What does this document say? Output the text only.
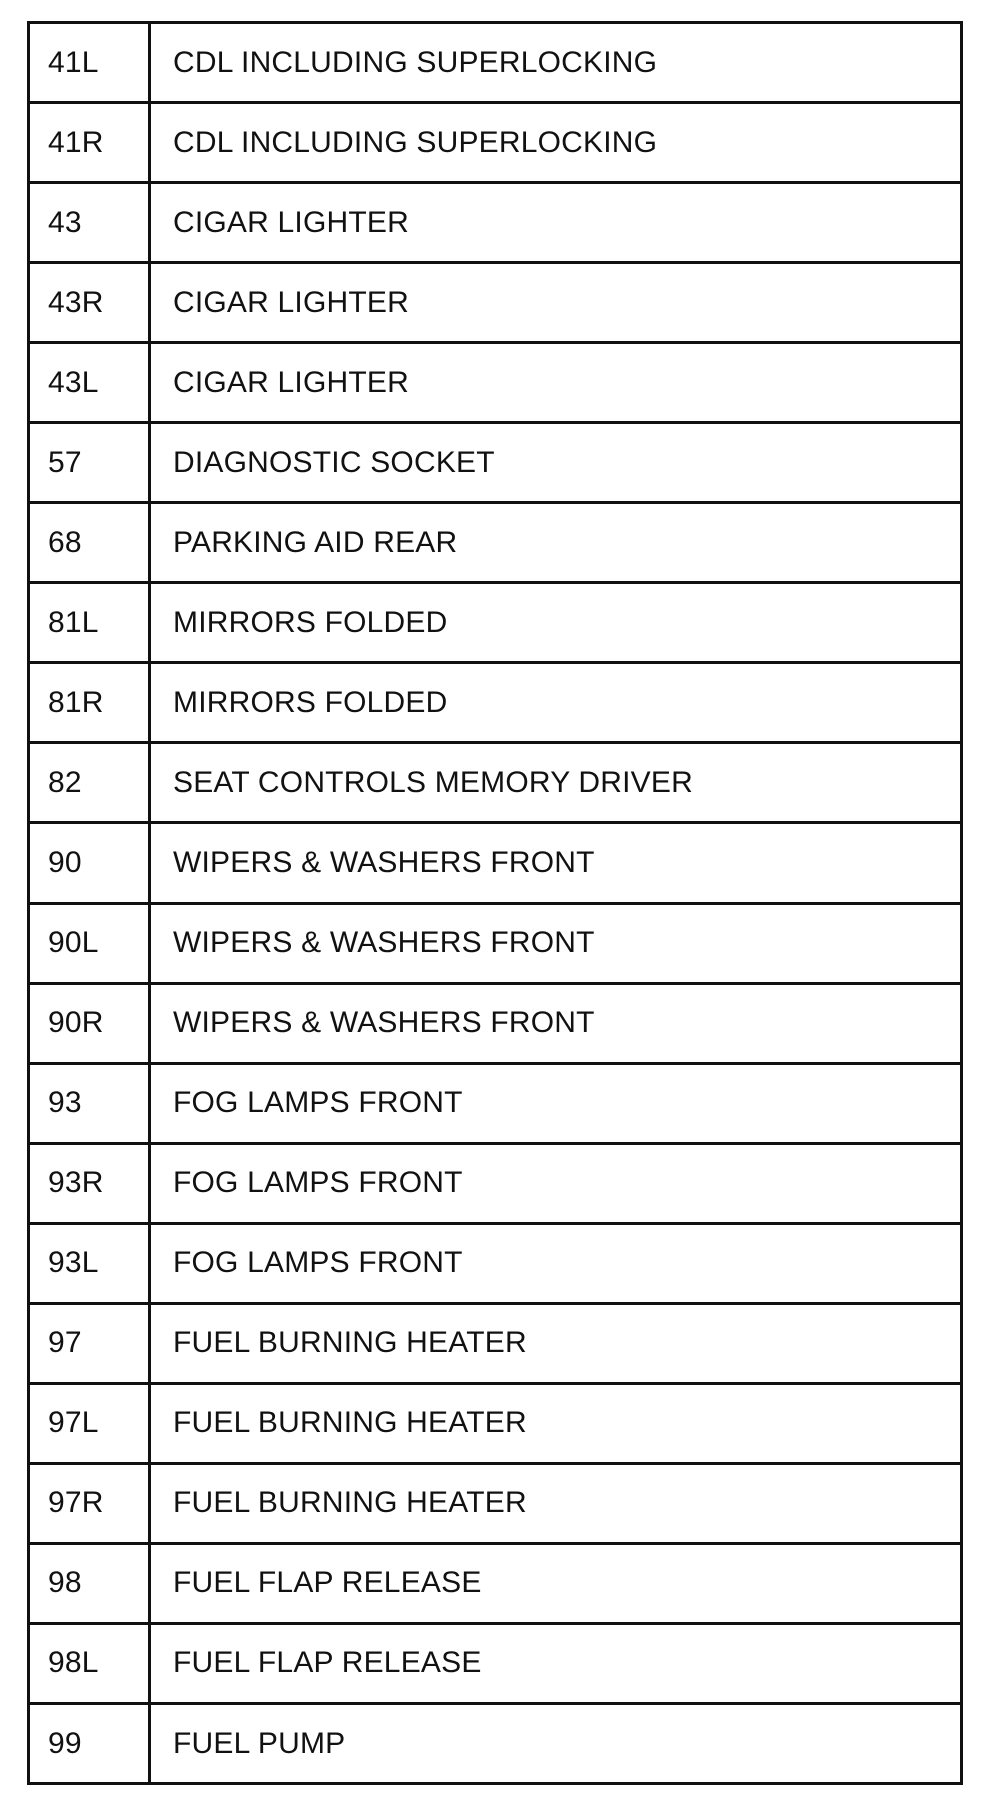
41L	CDL INCLUDING SUPERLOCKING
41R	CDL INCLUDING SUPERLOCKING
43	CIGAR LIGHTER
43R	CIGAR LIGHTER
43L	CIGAR LIGHTER
57	DIAGNOSTIC SOCKET
68	PARKING AID REAR
81L	MIRRORS FOLDED
81R	MIRRORS FOLDED
82	SEAT CONTROLS MEMORY DRIVER
90	WIPERS & WASHERS FRONT
90L	WIPERS & WASHERS FRONT
90R	WIPERS & WASHERS FRONT
93	FOG LAMPS FRONT
93R	FOG LAMPS FRONT
93L	FOG LAMPS FRONT
97	FUEL BURNING HEATER
97L	FUEL BURNING HEATER
97R	FUEL BURNING HEATER
98	FUEL FLAP RELEASE
98L	FUEL FLAP RELEASE
99	FUEL PUMP
